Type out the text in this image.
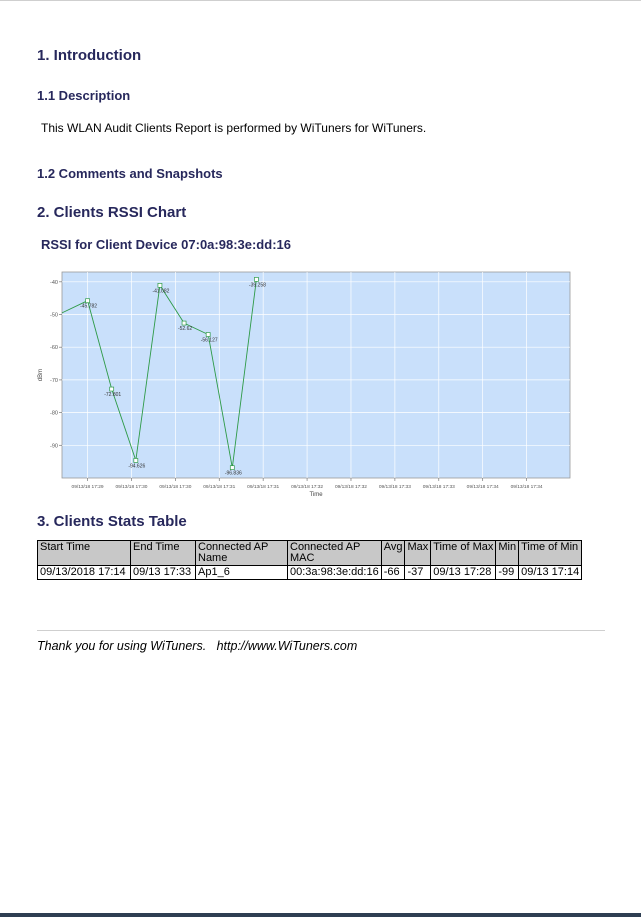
1. Introduction
1.1 Description

This WLAN Audit Clients Report is performed by WiTuners for WiTuners.

1.2 Comments and Snapshots
2. Clients RSSI Chart
RSSI for Client Device 07:0a:98:3e:dd:16
-40
-50
-60
-70
-80
-90
09/13/18 17:29 09/13/18 17:30 09/13/18 17:30 09/13/18 17:31 09/13/18 17:31 09/13/18 17:32 09/13/18 17:32 09/13/18 17:33 09/13/18 17:33 09/13/18 17:34 09/13/18 17:34
-45.782
-72.801
-94.626
-41.082
-52.62
-56.127
-96.836
-39.258
dBm
Time
3. Clients Stats Table
Start Time	End Time	Connected AP Name	Connected AP MAC	Avg	Max	Time of Max	Min	Time of Min
09/13/2018 17:14	09/13 17:33	Ap1_6	00:3a:98:3e:dd:16	-66	-37	09/13 17:28	-99	09/13 17:14

Thank you for using WiTuners. http://www.WiTuners.com
